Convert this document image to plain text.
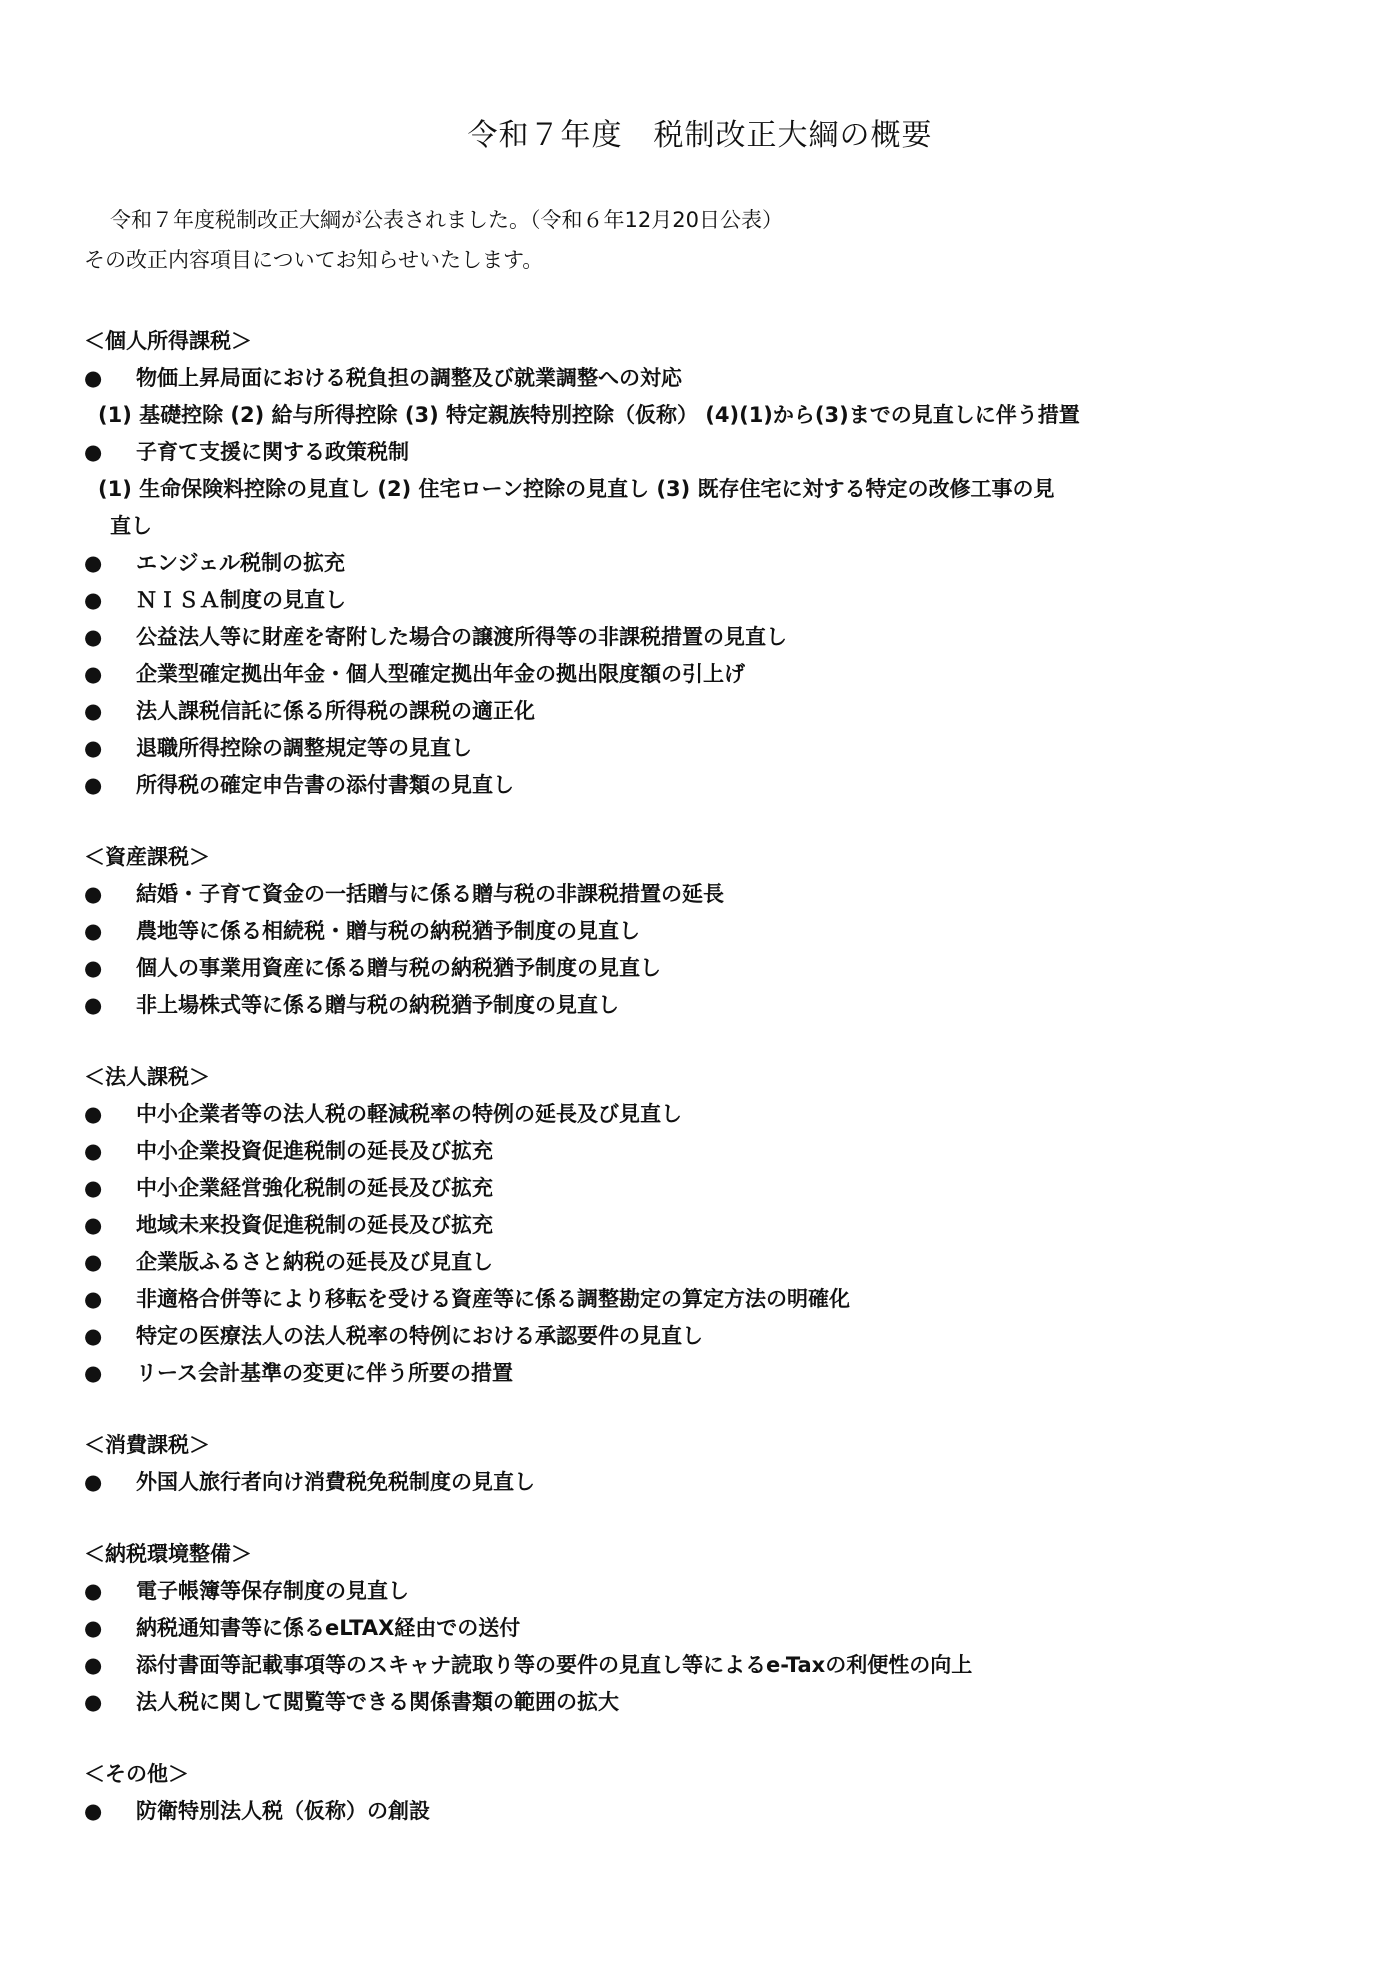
令和７年度　税制改正大綱の概要
令和７年度税制改正大綱が公表されました。（令和６年12月20日公表）
その改正内容項目についてお知らせいたします。
＜個人所得課税＞
●	物価上昇局面における税負担の調整及び就業調整への対応
(1) 基礎控除 (2) 給与所得控除 (3) 特定親族特別控除（仮称） (4)(1)から(3)までの見直しに伴う措置
●	子育て支援に関する政策税制
(1) 生命保険料控除の見直し (2) 住宅ローン控除の見直し (3) 既存住宅に対する特定の改修工事の見
直し
●	エンジェル税制の拡充
●	ＮＩＳＡ制度の見直し
●	公益法人等に財産を寄附した場合の譲渡所得等の非課税措置の見直し
●	企業型確定拠出年金・個人型確定拠出年金の拠出限度額の引上げ
●	法人課税信託に係る所得税の課税の適正化
●	退職所得控除の調整規定等の見直し
●	所得税の確定申告書の添付書類の見直し
＜資産課税＞
●	結婚・子育て資金の一括贈与に係る贈与税の非課税措置の延長
●	農地等に係る相続税・贈与税の納税猶予制度の見直し
●	個人の事業用資産に係る贈与税の納税猶予制度の見直し
●	非上場株式等に係る贈与税の納税猶予制度の見直し
＜法人課税＞
●	中小企業者等の法人税の軽減税率の特例の延長及び見直し
●	中小企業投資促進税制の延長及び拡充
●	中小企業経営強化税制の延長及び拡充
●	地域未来投資促進税制の延長及び拡充
●	企業版ふるさと納税の延長及び見直し
●	非適格合併等により移転を受ける資産等に係る調整勘定の算定方法の明確化
●	特定の医療法人の法人税率の特例における承認要件の見直し
●	リース会計基準の変更に伴う所要の措置
＜消費課税＞
●	外国人旅行者向け消費税免税制度の見直し
＜納税環境整備＞
●	電子帳簿等保存制度の見直し
●	納税通知書等に係るeLTAX経由での送付
●	添付書面等記載事項等のスキャナ読取り等の要件の見直し等によるe-Taxの利便性の向上
●	法人税に関して閲覧等できる関係書類の範囲の拡大
＜その他＞
●	防衛特別法人税（仮称）の創設
